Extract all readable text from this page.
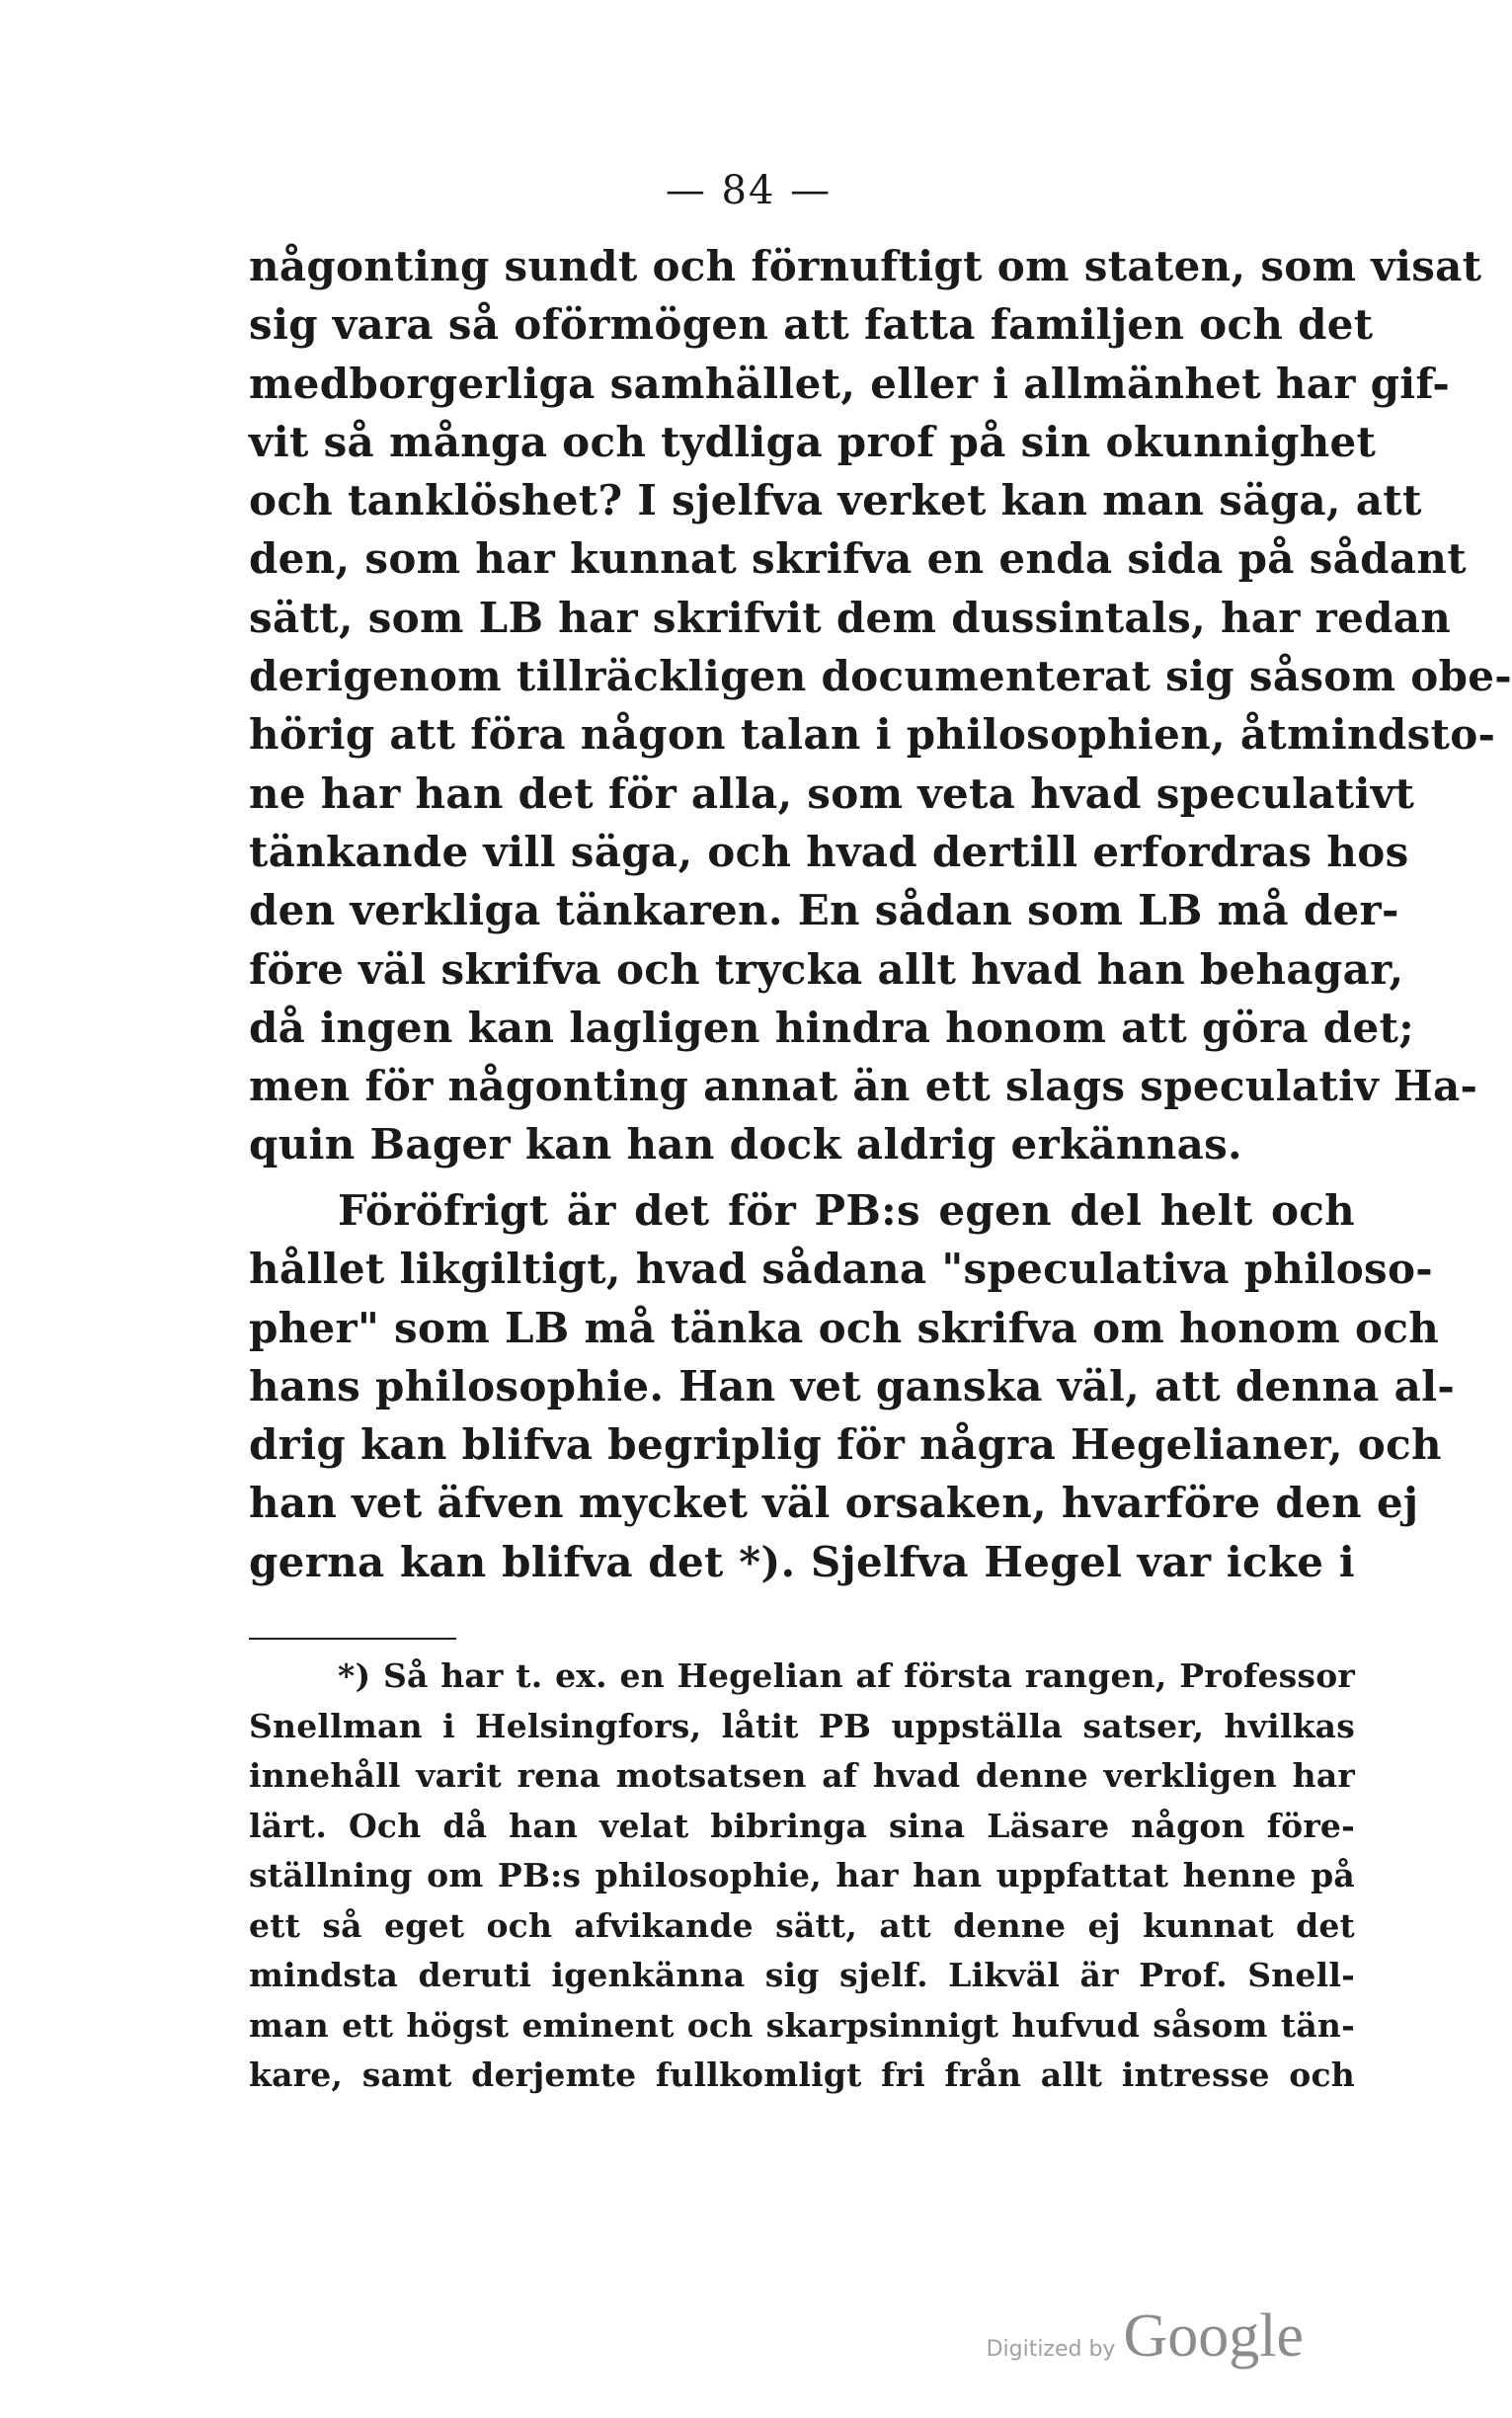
— 84 —
någonting sundt och förnuftigt om staten, som visat
sig vara så oförmögen att fatta familjen och det
medborgerliga samhället, eller i allmänhet har gif-
vit så många och tydliga prof på sin okunnighet
och tanklöshet? I sjelfva verket kan man säga, att
den, som har kunnat skrifva en enda sida på sådant
sätt, som LB har skrifvit dem dussintals, har redan
derigenom tillräckligen documenterat sig såsom obe-
hörig att föra någon talan i philosophien, åtmindsto-
ne har han det för alla, som veta hvad speculativt
tänkande vill säga, och hvad dertill erfordras hos
den verkliga tänkaren. En sådan som LB må der-
före väl skrifva och trycka allt hvad han behagar,
då ingen kan lagligen hindra honom att göra det;
men för någonting annat än ett slags speculativ Ha-
quin Bager kan han dock aldrig erkännas.
Föröfrigt är det för PB:s egen del helt och
hållet likgiltigt, hvad sådana "speculativa philoso-
pher" som LB må tänka och skrifva om honom och
hans philosophie. Han vet ganska väl, att denna al-
drig kan blifva begriplig för några Hegelianer, och
han vet äfven mycket väl orsaken, hvarföre den ej
gerna kan blifva det *). Sjelfva Hegel var icke i
*) Så har t. ex. en Hegelian af första rangen, Professor
Snellman i Helsingfors, låtit PB uppställa satser, hvilkas
innehåll varit rena motsatsen af hvad denne verkligen har
lärt. Och då han velat bibringa sina Läsare någon före-
ställning om PB:s philosophie, har han uppfattat henne på
ett så eget och afvikande sätt, att denne ej kunnat det
mindsta deruti igenkänna sig sjelf. Likväl är Prof. Snell-
man ett högst eminent och skarpsinnigt hufvud såsom tän-
kare, samt derjemte fullkomligt fri från allt intresse och
Digitized by Google
